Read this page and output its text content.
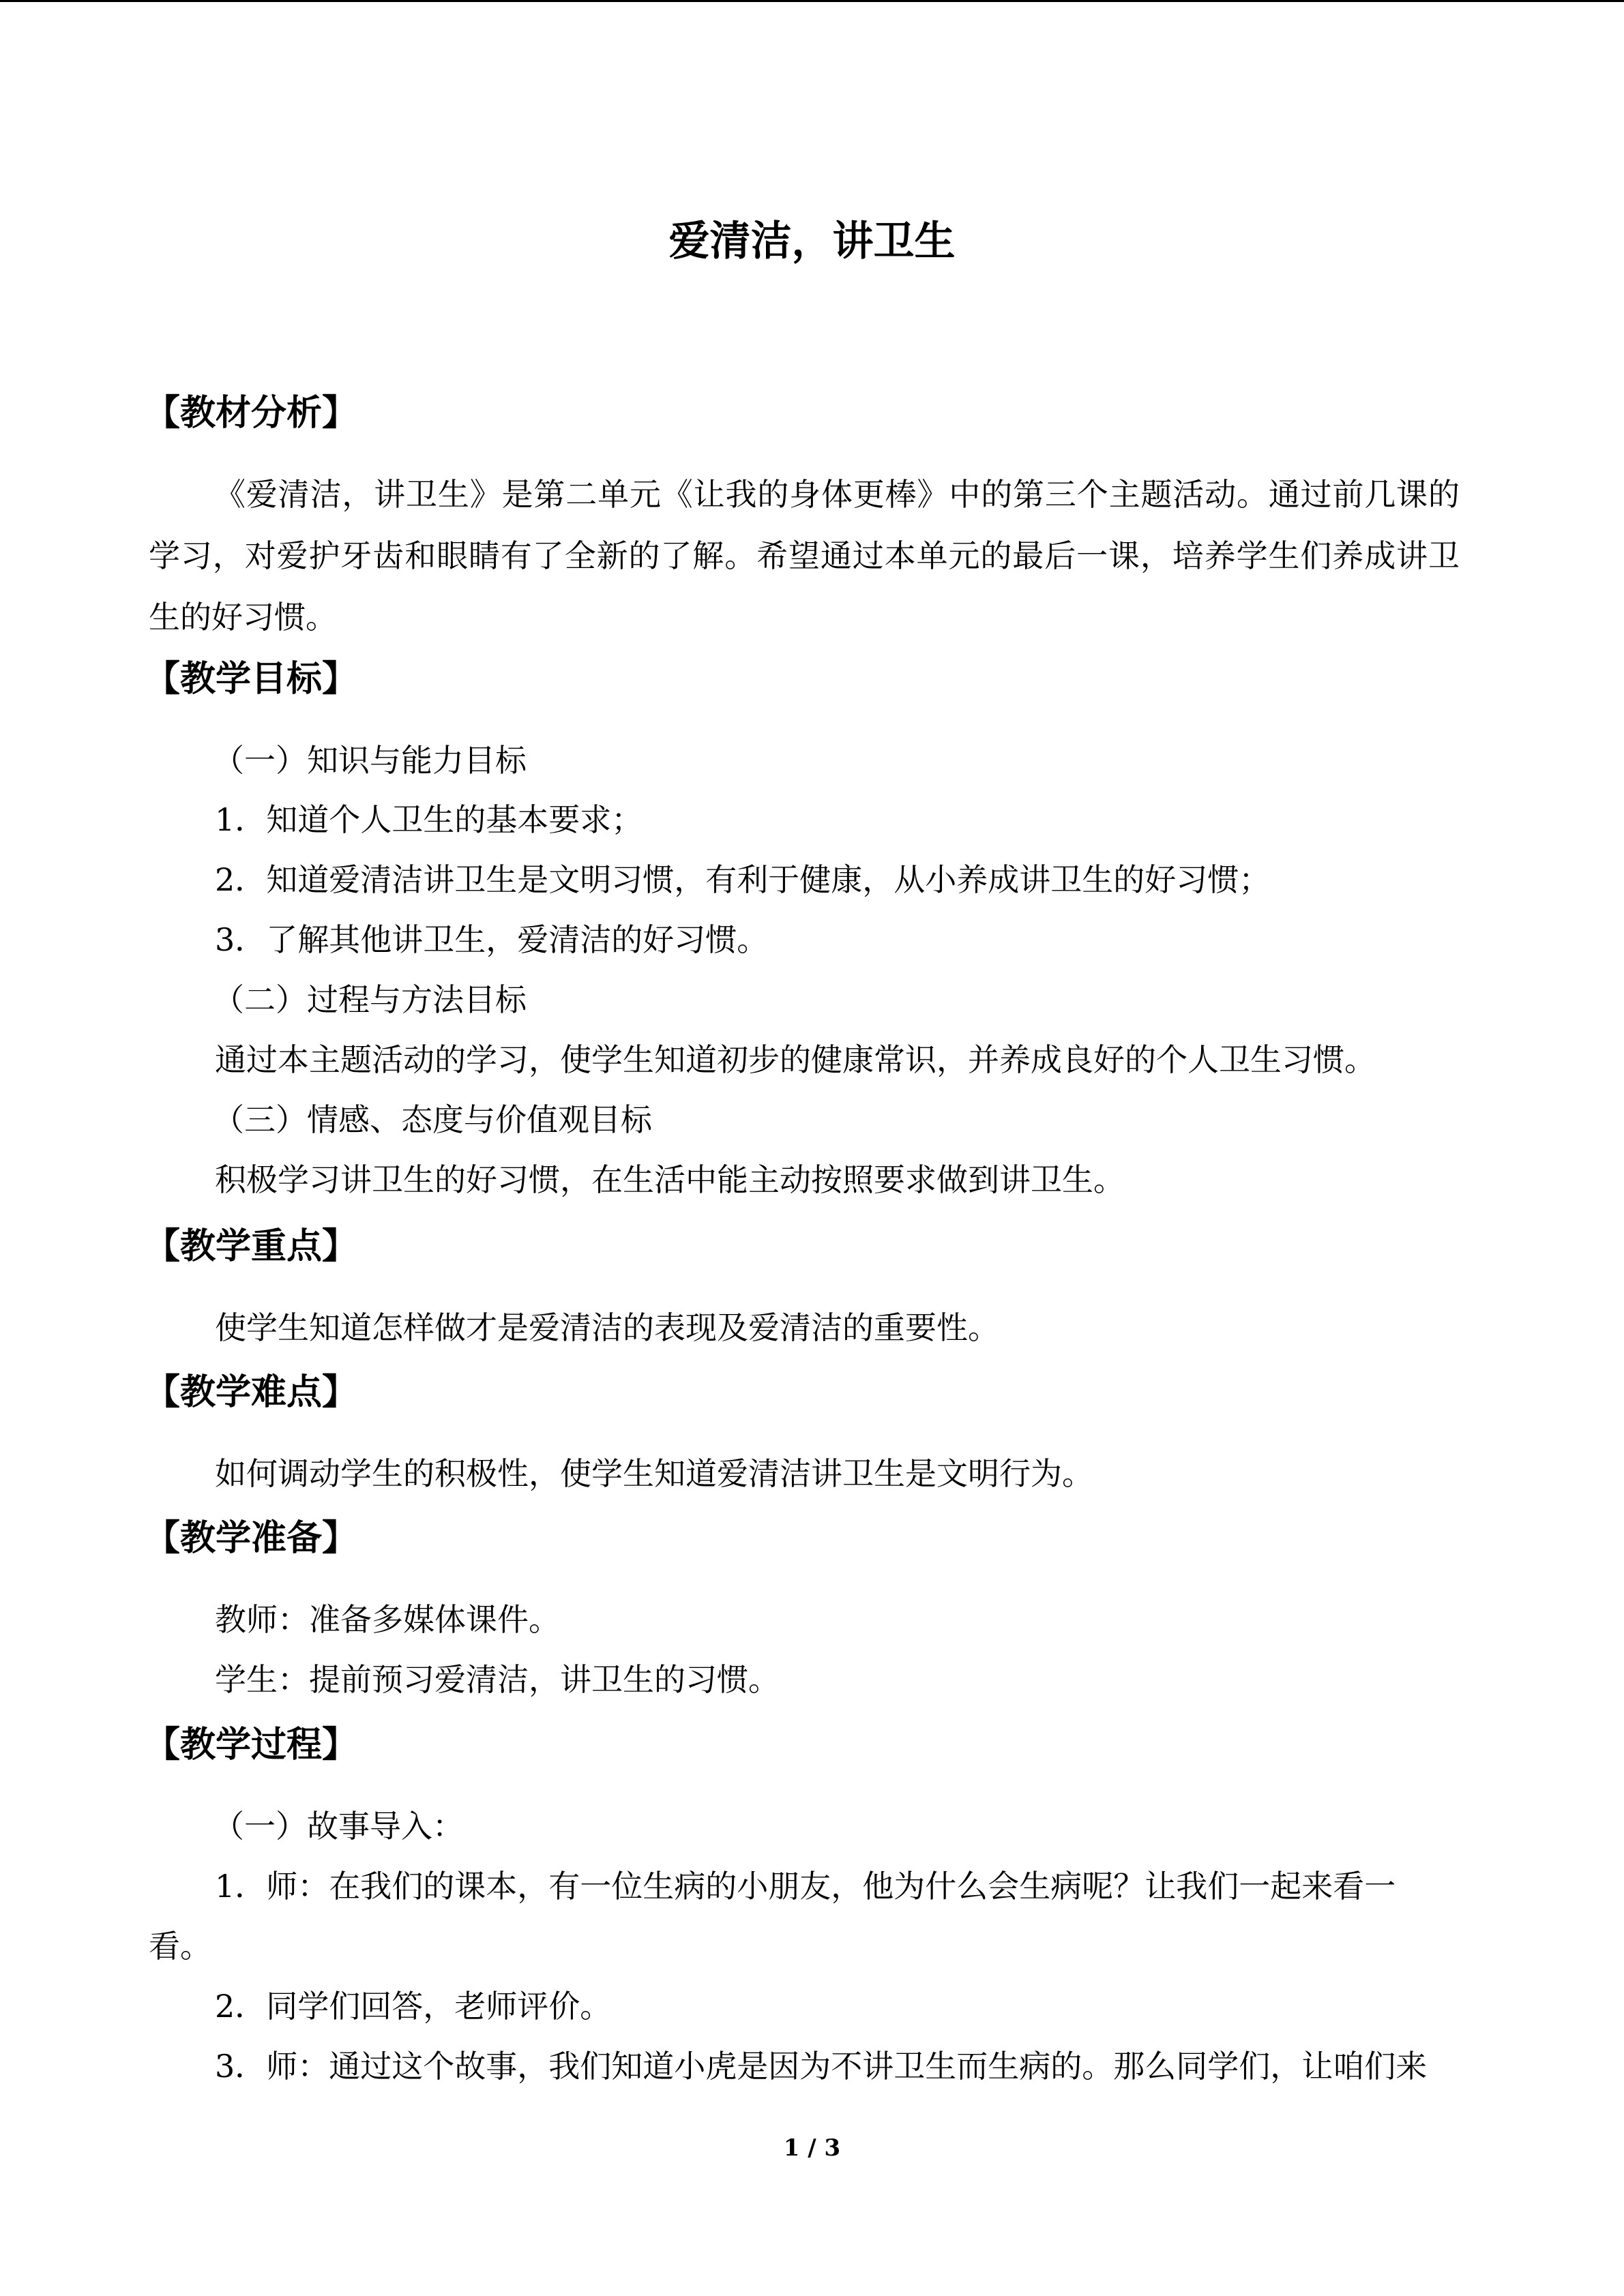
爱清洁，讲卫生
【教材分析】
《爱清洁，讲卫生》是第二单元《让我的身体更棒》中的第三个主题活动。通过前几课的学习，对爱护牙齿和眼睛有了全新的了解。希望通过本单元的最后一课，培养学生们养成讲卫生的好习惯。
【教学目标】
（一）知识与能力目标
1．知道个人卫生的基本要求；
2．知道爱清洁讲卫生是文明习惯，有利于健康，从小养成讲卫生的好习惯；
3．了解其他讲卫生，爱清洁的好习惯。
（二）过程与方法目标
通过本主题活动的学习，使学生知道初步的健康常识，并养成良好的个人卫生习惯。
（三）情感、态度与价值观目标
积极学习讲卫生的好习惯，在生活中能主动按照要求做到讲卫生。
【教学重点】
使学生知道怎样做才是爱清洁的表现及爱清洁的重要性。
【教学难点】
如何调动学生的积极性，使学生知道爱清洁讲卫生是文明行为。
【教学准备】
教师：准备多媒体课件。
学生：提前预习爱清洁，讲卫生的习惯。
【教学过程】
（一）故事导入：
1．师：在我们的课本，有一位生病的小朋友，他为什么会生病呢？让我们一起来看一
看。
2．同学们回答，老师评价。
3．师：通过这个故事，我们知道小虎是因为不讲卫生而生病的。那么同学们，让咱们来
1 / 3
